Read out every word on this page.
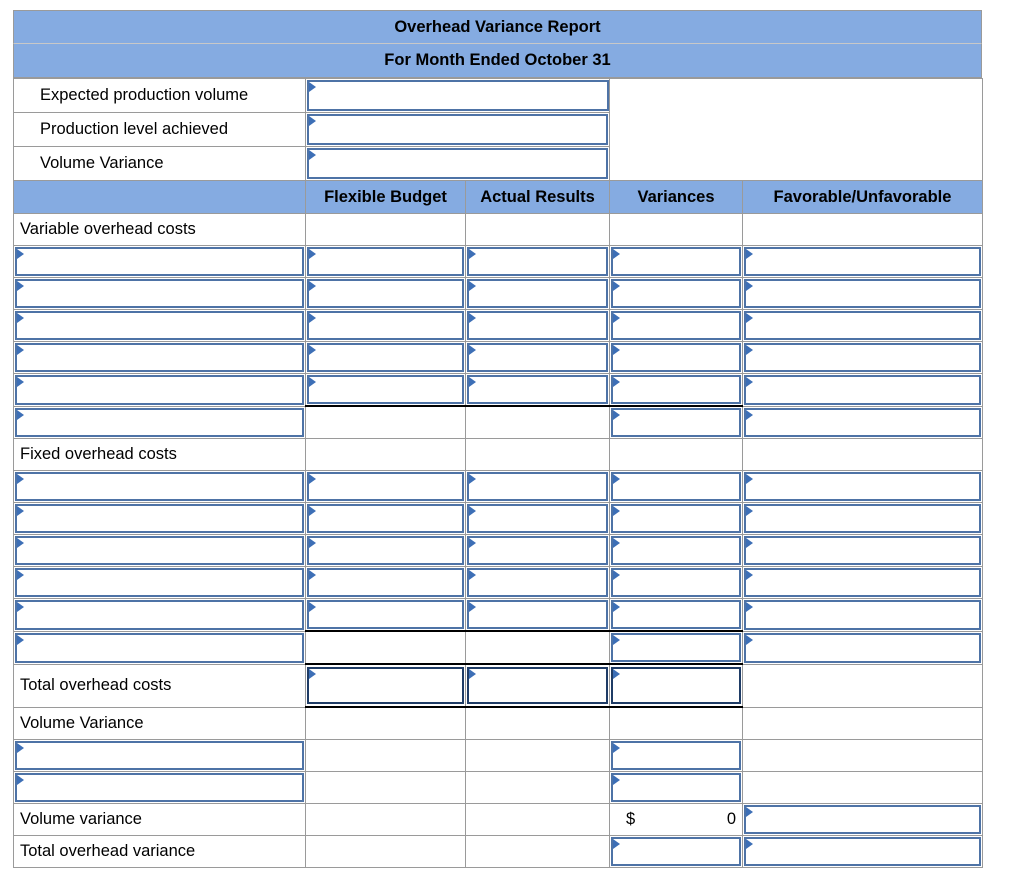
Overhead Variance Report
For Month Ended October 31
Expected production volume			

Production level achieved				

Volume Variance				

	Flexible Budget	Actual Results	Variances	Favorable/Unfavorable
Variable overhead costs				

Fixed overhead costs				

Total overhead costs	

Volume Variance				

Volume variance			$ 0	

Total overhead variance			
